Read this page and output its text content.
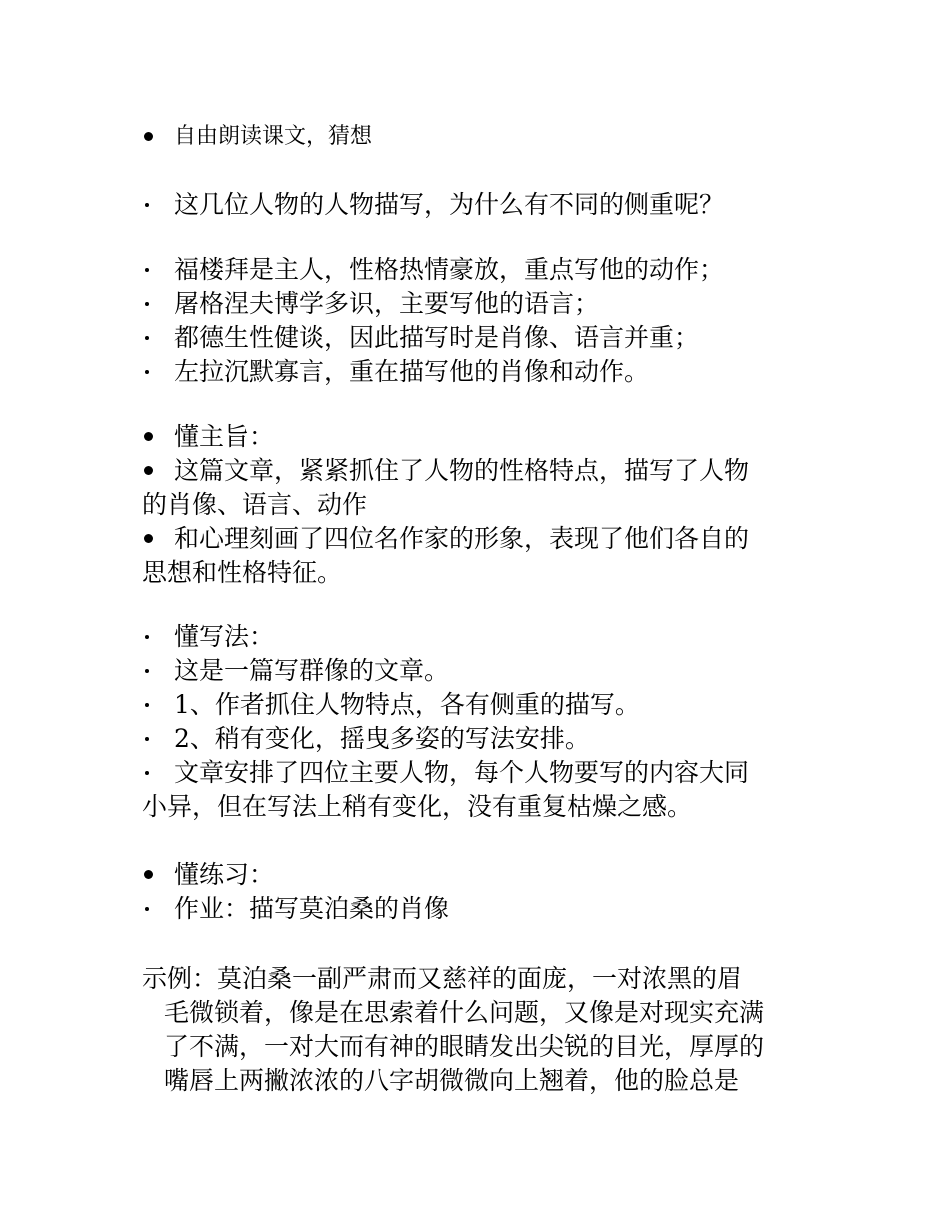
自由朗读课文，猜想
这几位人物的人物描写，为什么有不同的侧重呢？
福楼拜是主人，性格热情豪放，重点写他的动作；
屠格涅夫博学多识，主要写他的语言；
都德生性健谈，因此描写时是肖像、语言并重；
左拉沉默寡言，重在描写他的肖像和动作。
懂主旨：
这篇文章，紧紧抓住了人物的性格特点，描写了人物
的肖像、语言、动作
和心理刻画了四位名作家的形象，表现了他们各自的
思想和性格特征。
懂写法：
这是一篇写群像的文章。
1、作者抓住人物特点，各有侧重的描写。
2、稍有变化，摇曳多姿的写法安排。
文章安排了四位主要人物，每个人物要写的内容大同
小异，但在写法上稍有变化，没有重复枯燥之感。
懂练习：
作业：描写莫泊桑的肖像
示例：莫泊桑一副严肃而又慈祥的面庞，一对浓黑的眉
毛微锁着，像是在思索着什么问题，又像是对现实充满
了不满，一对大而有神的眼睛发出尖锐的目光，厚厚的
嘴唇上两撇浓浓的八字胡微微向上翘着，他的脸总是
